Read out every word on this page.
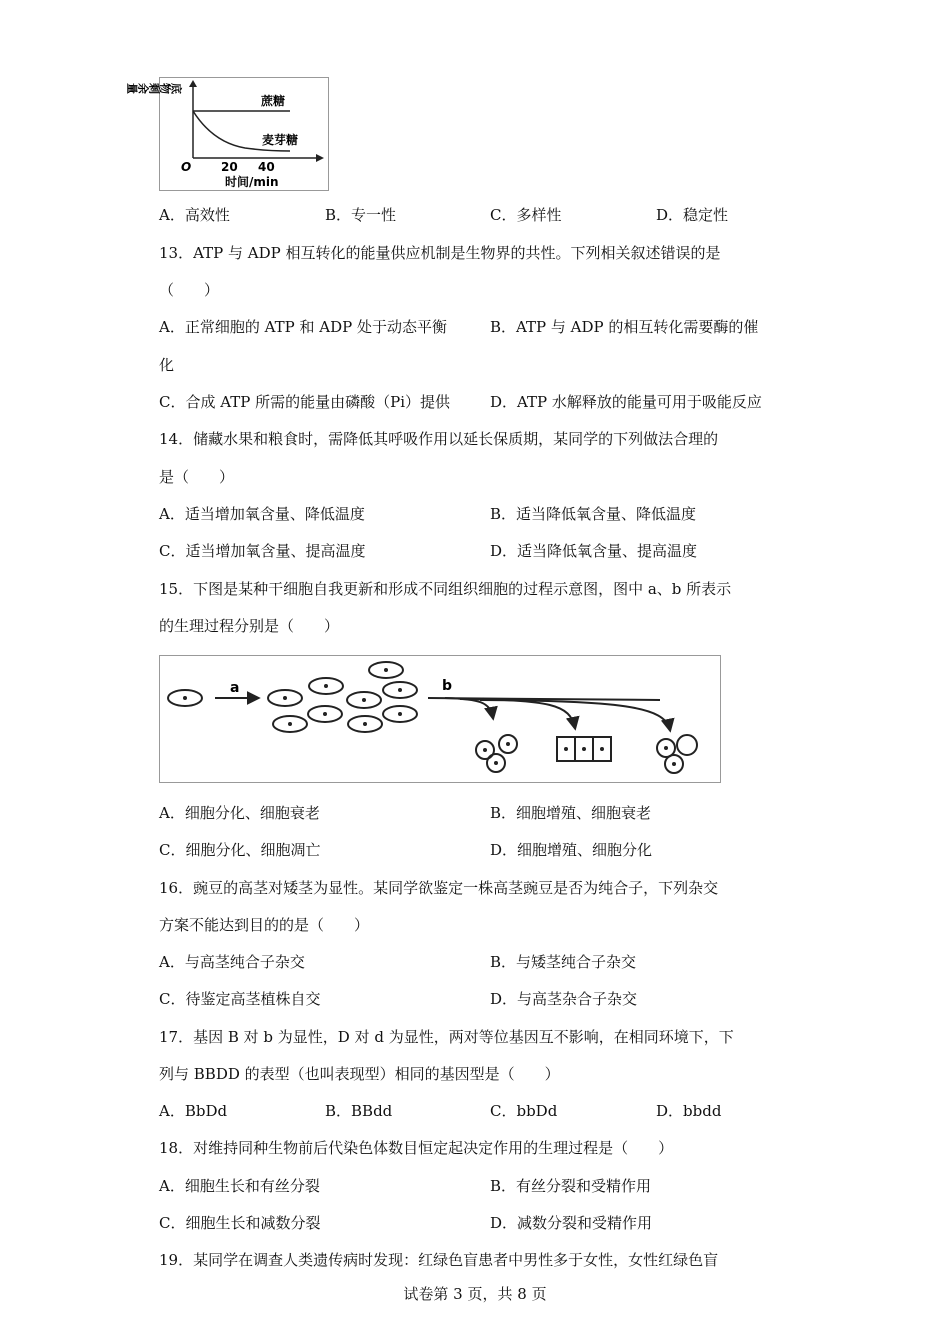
底物剩余量
蔗糖
麦芽糖
O 20 40
时间/min
A．高效性	B．专一性	C．多样性	D．稳定性
13．ATP 与 ADP 相互转化的能量供应机制是生物界的共性。下列相关叙述错误的是
（　　）
A．正常细胞的 ATP 和 ADP 处于动态平衡	B．ATP 与 ADP 的相互转化需要酶的催
化
C．合成 ATP 所需的能量由磷酸（Pi）提供	D．ATP 水解释放的能量可用于吸能反应
14．储藏水果和粮食时，需降低其呼吸作用以延长保质期，某同学的下列做法合理的
是（　　）
A．适当增加氧含量、降低温度	B．适当降低氧含量、降低温度
C．适当增加氧含量、提高温度	D．适当降低氧含量、提高温度
15．下图是某种干细胞自我更新和形成不同组织细胞的过程示意图，图中 a、b 所表示
的生理过程分别是（　　）
a	b
A．细胞分化、细胞衰老	B．细胞增殖、细胞衰老
C．细胞分化、细胞凋亡	D．细胞增殖、细胞分化
16．豌豆的高茎对矮茎为显性。某同学欲鉴定一株高茎豌豆是否为纯合子，下列杂交
方案不能达到目的的是（　　）
A．与高茎纯合子杂交	B．与矮茎纯合子杂交
C．待鉴定高茎植株自交	D．与高茎杂合子杂交
17．基因 B 对 b 为显性，D 对 d 为显性，两对等位基因互不影响，在相同环境下，下
列与 BBDD 的表型（也叫表现型）相同的基因型是（　　）
A．BbDd	B．BBdd	C．bbDd	D．bbdd
18．对维持同种生物前后代染色体数目恒定起决定作用的生理过程是（　　）
A．细胞生长和有丝分裂	B．有丝分裂和受精作用
C．细胞生长和减数分裂	D．减数分裂和受精作用
19．某同学在调查人类遗传病时发现：红绿色盲患者中男性多于女性，女性红绿色盲
试卷第 3 页，共 8 页
